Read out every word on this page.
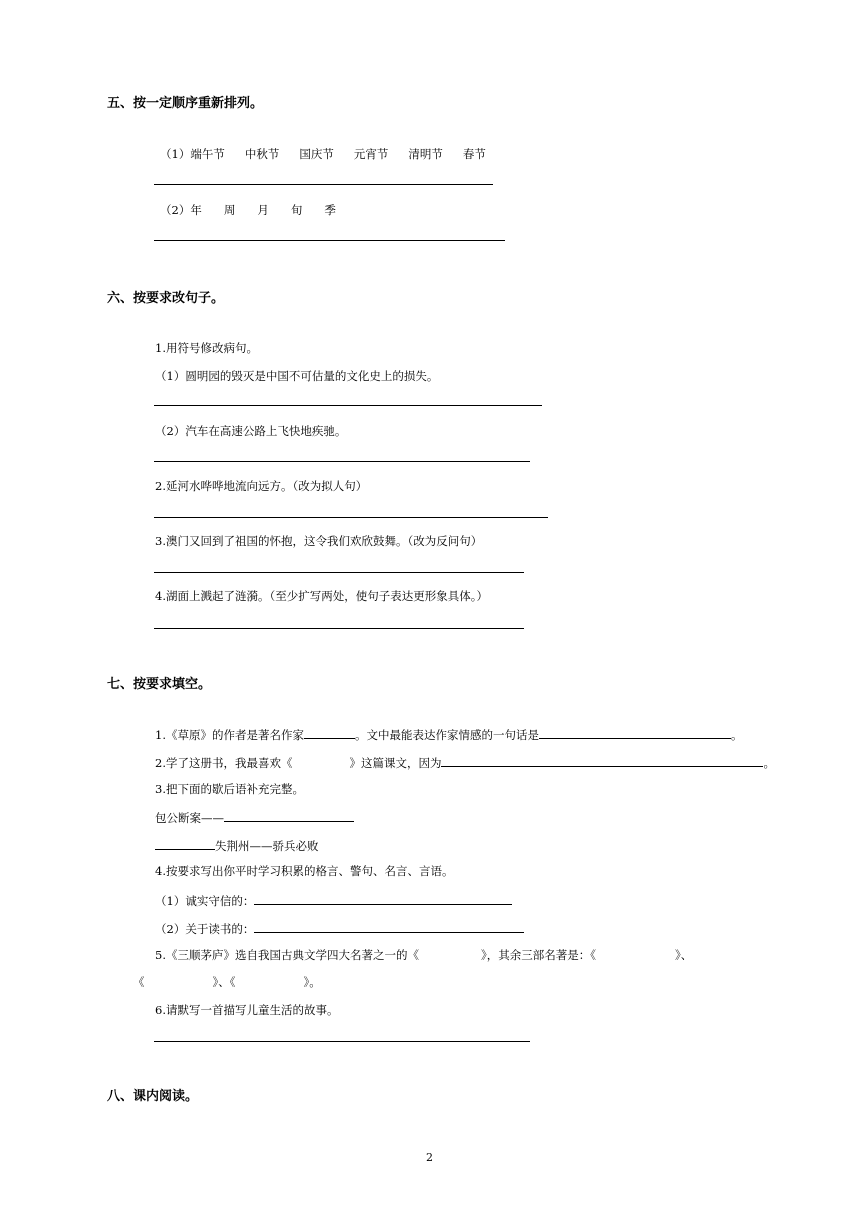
五、按一定顺序重新排列。
（1）端午节 中秋节 国庆节 元宵节 清明节 春节
（2）年 周 月 旬 季
六、按要求改句子。
1.用符号修改病句。
（1）圆明园的毁灭是中国不可估量的文化史上的损失。
（2）汽车在高速公路上飞快地疾驰。
2.延河水哗哗地流向远方。（改为拟人句）
3.澳门又回到了祖国的怀抱，这令我们欢欣鼓舞。（改为反问句）
4.湖面上溅起了涟漪。（至少扩写两处，使句子表达更形象具体。）
七、按要求填空。
1.《草原》的作者是著名作家	。文中最能表达作家情感的一句话是	。
2.学了这册书，我最喜欢《	》这篇课文，因为	。
3.把下面的歇后语补充完整。
包公断案——
失荆州——骄兵必败
4.按要求写出你平时学习积累的格言、警句、名言、言语。
（1）诚实守信的：
（2）关于读书的：
5.《三顺茅庐》选自我国古典文学四大名著之一的《	》，其余三部名著是：《	》、
《	》、《	》。
6.请默写一首描写儿童生活的故事。
八、课内阅读。
2
